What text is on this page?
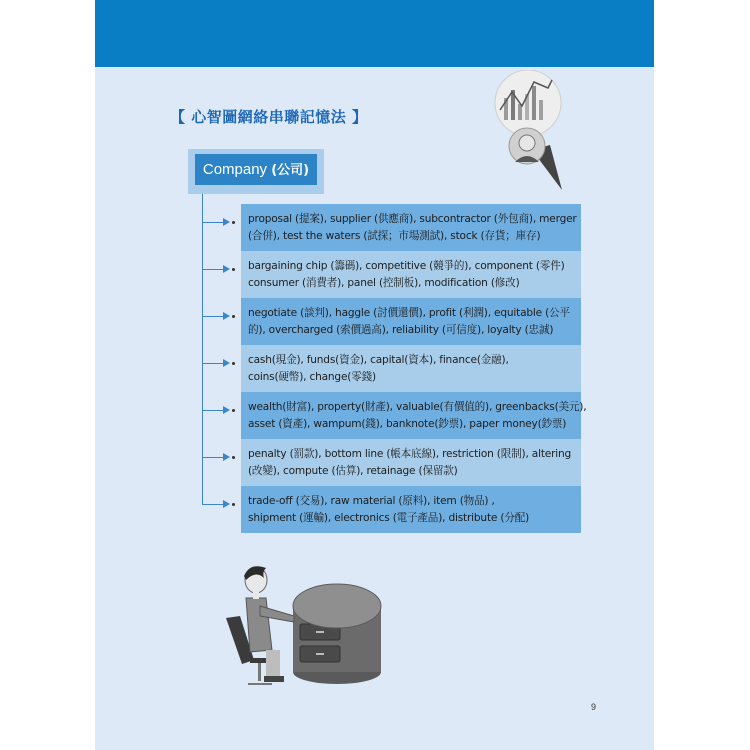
【 心智圖網絡串聯記憶法 】
Company (公司)
proposal (提案), supplier (供應商), subcontractor (外包商), merger
(合併), test the waters (試探；市場測試), stock (存貨；庫存)
bargaining chip (籌碼), competitive (競爭的), component (零件)
consumer (消費者), panel (控制板), modification (修改)
negotiate (談判), haggle (討價還價), profit (利潤), equitable (公平
的), overcharged (索價過高), reliability (可信度), loyalty (忠誠)
cash(現金), funds(資金), capital(資本), finance(金融),
coins(硬幣), change(零錢)
wealth(財富), property(財產), valuable(有價值的), greenbacks(美元),
asset (資產), wampum(錢), banknote(鈔票), paper money(鈔票)
penalty (罰款), bottom line (帳本底線), restriction (限制), altering
(改變), compute (估算), retainage (保留款)
trade-off (交易), raw material (原料), item (物品) ,
shipment (運輸), electronics (電子產品), distribute (分配)
9
